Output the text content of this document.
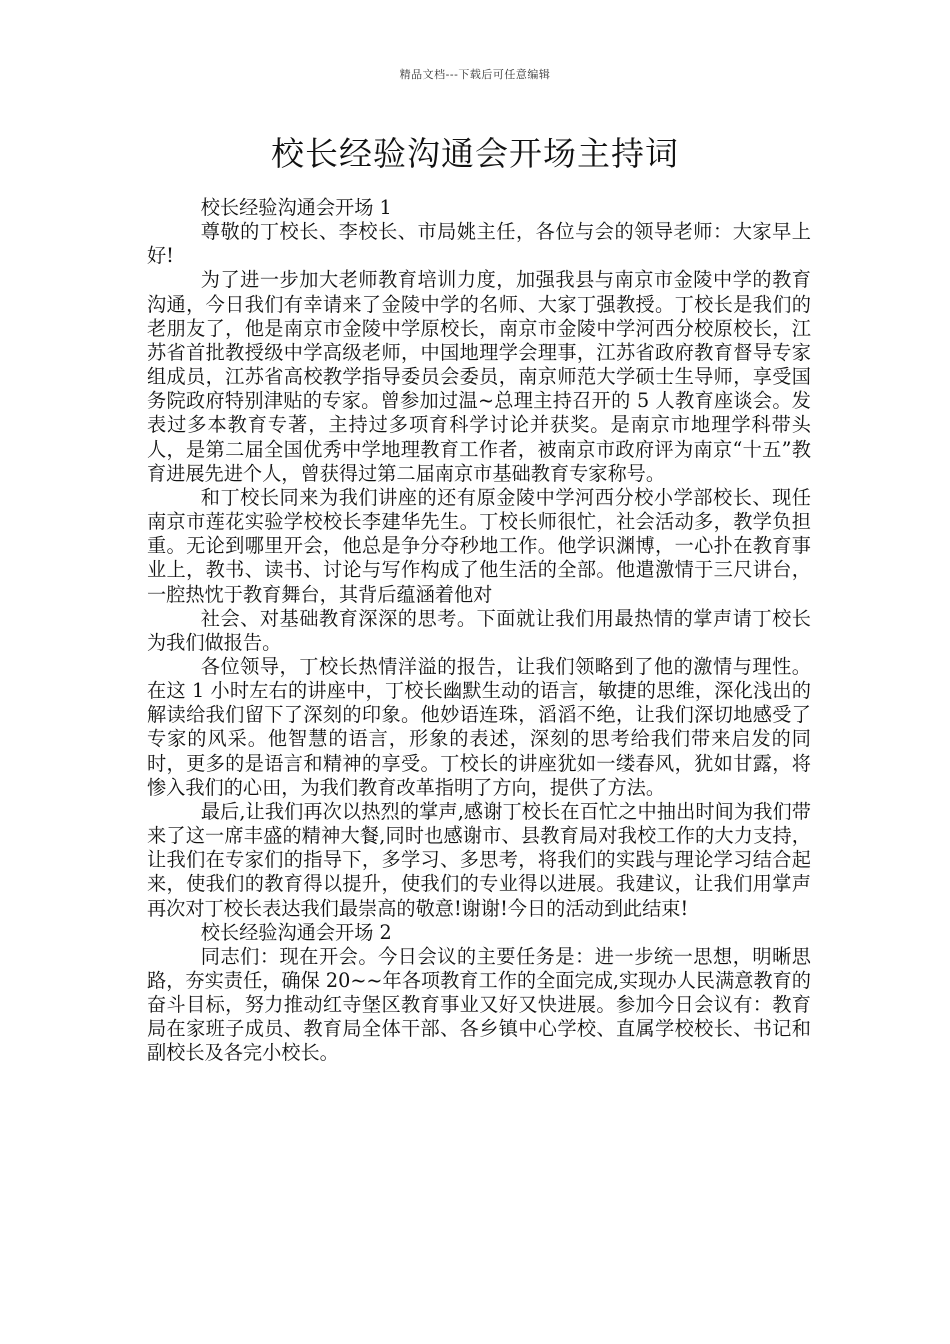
精品文档---下载后可任意编辑
校长经验沟通会开场主持词

校长经验沟通会开场 1

尊敬的丁校长、李校长、市局姚主任，各位与会的领导老师：大家早上好!

为了进一步加大老师教育培训力度，加强我县与南京市金陵中学的教育沟通，今日我们有幸请来了金陵中学的名师、大家丁强教授。丁校长是我们的老朋友了，他是南京市金陵中学原校长，南京市金陵中学河西分校原校长，江苏省首批教授级中学高级老师，中国地理学会理事，江苏省政府教育督导专家组成员，江苏省高校教学指导委员会委员，南京师范大学硕士生导师，享受国务院政府特别津贴的专家。曾参加过温~总理主持召开的 5 人教育座谈会。发表过多本教育专著，主持过多项育科学讨论并获奖。是南京市地理学科带头人，是第二届全国优秀中学地理教育工作者，被南京市政府评为南京“十五”教育进展先进个人，曾获得过第二届南京市基础教育专家称号。

和丁校长同来为我们讲座的还有原金陵中学河西分校小学部校长、现任南京市莲花实验学校校长李建华先生。丁校长师很忙，社会活动多，教学负担重。无论到哪里开会，他总是争分夺秒地工作。他学识渊博，一心扑在教育事业上，教书、读书、讨论与写作构成了他生活的全部。他遣激情于三尺讲台，一腔热忱于教育舞台，其背后蕴涵着他对

社会、对基础教育深深的思考。下面就让我们用最热情的掌声请丁校长为我们做报告。

各位领导，丁校长热情洋溢的报告，让我们领略到了他的激情与理性。在这 1 小时左右的讲座中，丁校长幽默生动的语言，敏捷的思维，深化浅出的解读给我们留下了深刻的印象。他妙语连珠，滔滔不绝，让我们深切地感受了专家的风采。他智慧的语言，形象的表述，深刻的思考给我们带来启发的同时，更多的是语言和精神的享受。丁校长的讲座犹如一缕春风，犹如甘露，将惨入我们的心田，为我们教育改革指明了方向，提供了方法。

最后,让我们再次以热烈的掌声,感谢丁校长在百忙之中抽出时间为我们带来了这一席丰盛的精神大餐,同时也感谢市、县教育局对我校工作的大力支持，让我们在专家们的指导下，多学习、多思考，将我们的实践与理论学习结合起来，使我们的教育得以提升，使我们的专业得以进展。我建议，让我们用掌声再次对丁校长表达我们最崇高的敬意!谢谢!今日的活动到此结束!

校长经验沟通会开场 2

同志们：现在开会。今日会议的主要任务是：进一步统一思想，明晰思路，夯实责任，确保 20~~年各项教育工作的全面完成,实现办人民满意教育的奋斗目标，努力推动红寺堡区教育事业又好又快进展。参加今日会议有：教育局在家班子成员、教育局全体干部、各乡镇中心学校、直属学校校长、书记和副校长及各完小校长。
